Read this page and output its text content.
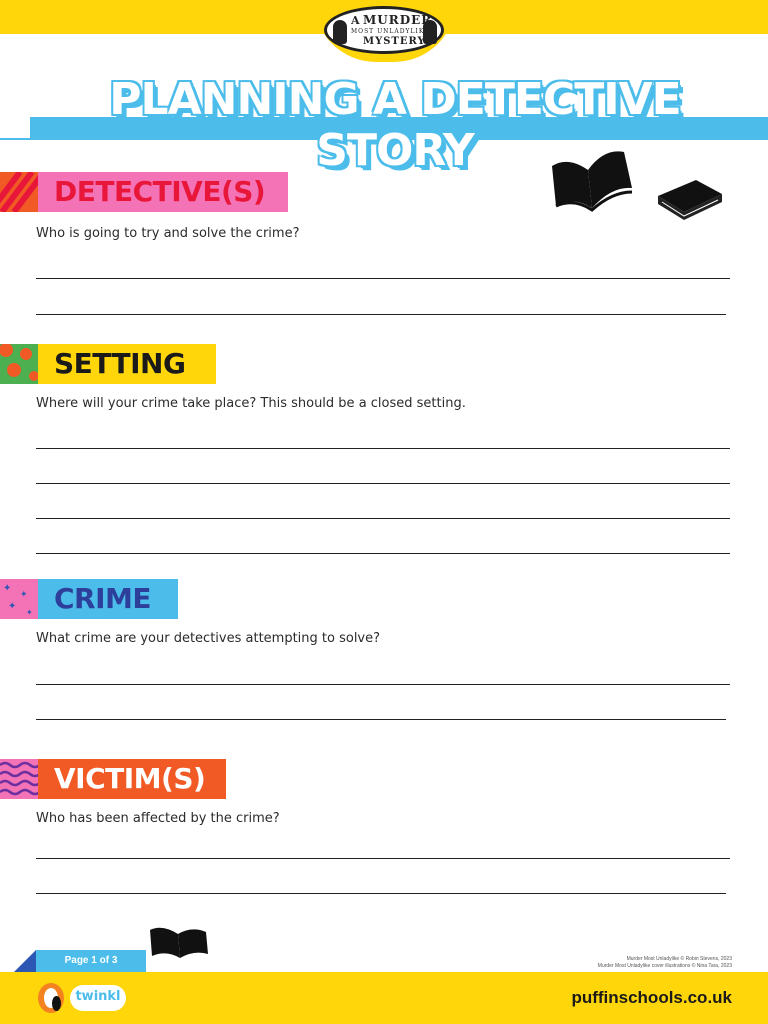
A MURDER
MOST UNLADYLIKE
MYSTERY
PLANNING A DETECTIVE STORY
DETECTIVE(S)
Who is going to try and solve the crime?
SETTING
Where will your crime take place? This should be a closed setting.
✦
✦
✦
✦ CRIME
What crime are your detectives attempting to solve?
VICTIM(S)
Who has been affected by the crime?
Page 1 of 3	Murder Most Unladylike © Robin Stevens, 2023
Murder Most Unladylike cover illustrations © Nina Tara, 2023
twinkl	puffinschools.co.uk
